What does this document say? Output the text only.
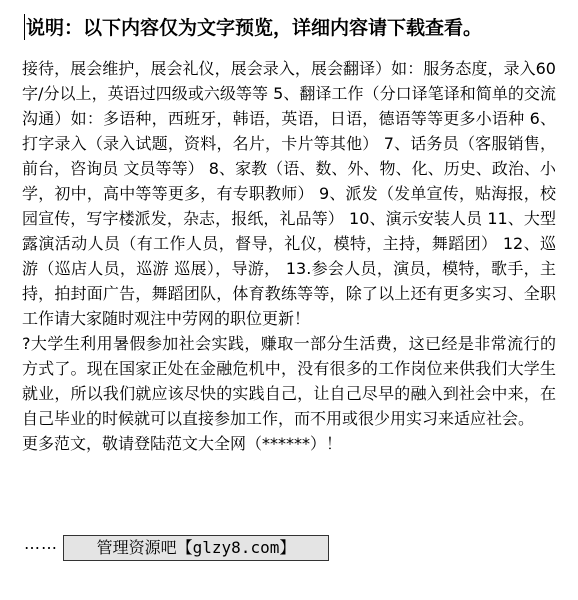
说明：以下内容仅为文字预览，详细内容请下载查看。

接待，展会维护，展会礼仪，展会录入，展会翻译）如：服务态度，录入60字/分以上，英语过四级或六级等等 5、翻译工作（分口译笔译和简单的交流沟通）如：多语种，西班牙，韩语，英语，日语，德语等等更多小语种 6、打字录入（录入试题，资料，名片，卡片等其他） 7、话务员（客服销售，前台，咨询员 文员等等） 8、家教（语、数、外、物、化、历史、政治、小学，初中，高中等等更多，有专职教师） 9、派发（发单宣传，贴海报，校园宣传，写字楼派发，杂志，报纸，礼品等） 10、演示安装人员 11、大型露演活动人员（有工作人员，督导，礼仪，模特，主持，舞蹈团） 12、巡游（巡店人员，巡游 巡展），导游， 13.参会人员，演员，模特，歌手，主持，拍封面广告，舞蹈团队，体育教练等等，除了以上还有更多实习、全职工作请大家随时观注中劳网的职位更新！

?大学生利用暑假参加社会实践，赚取一部分生活费，这已经是非常流行的方式了。现在国家正处在金融危机中，没有很多的工作岗位来供我们大学生就业，所以我们就应该尽快的实践自己，让自己尽早的融入到社会中来，在自己毕业的时候就可以直接参加工作，而不用或很少用实习来适应社会。

更多范文，敬请登陆范文大全网（******）！

……	管理资源吧【glzy8.com】
